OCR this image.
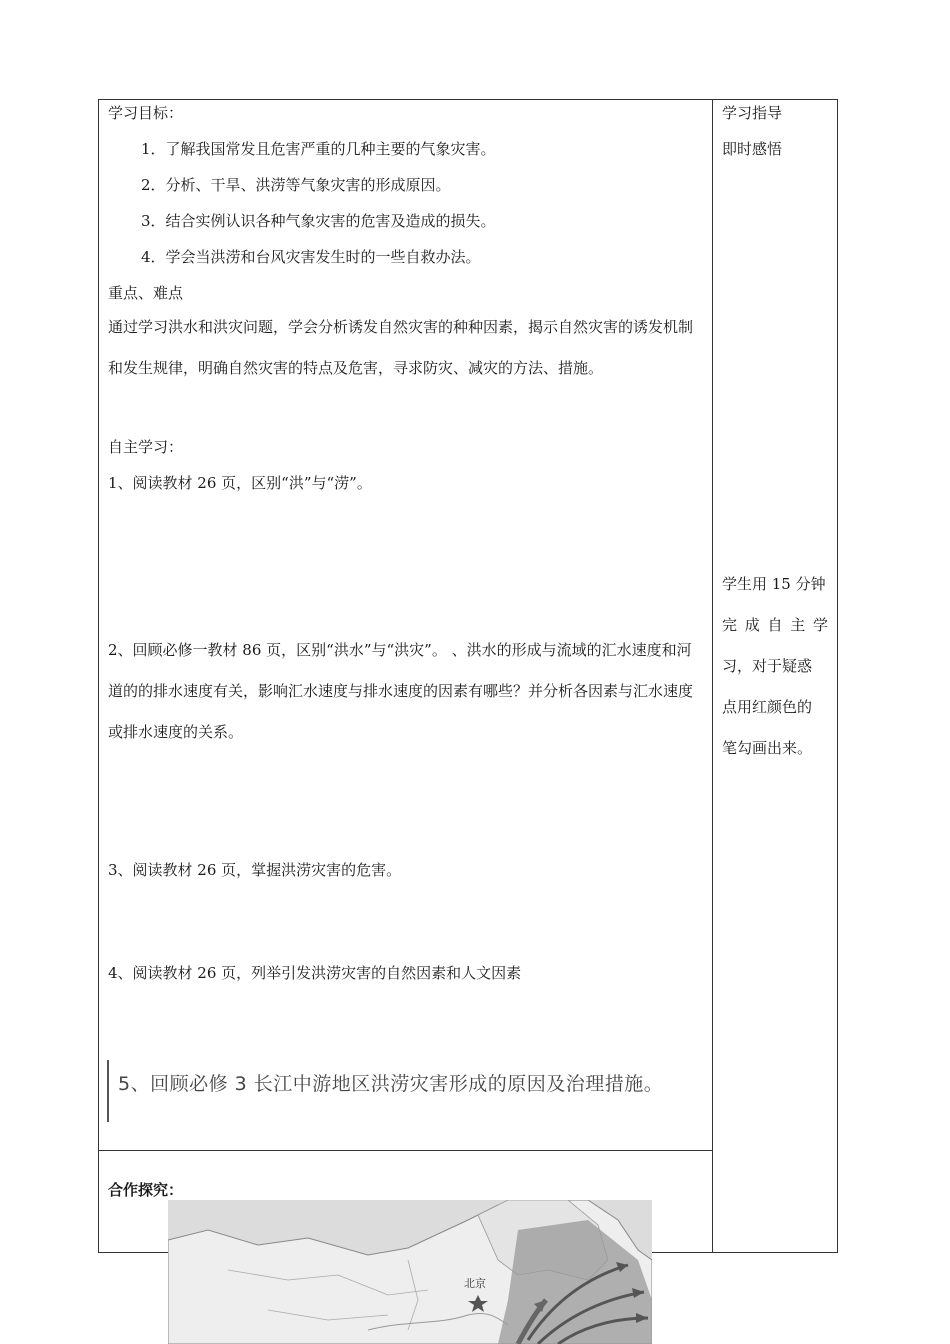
学习目标：
1．了解我国常发且危害严重的几种主要的气象灾害。
2．分析、干旱、洪涝等气象灾害的形成原因。
3．结合实例认识各种气象灾害的危害及造成的损失。
4．学会当洪涝和台风灾害发生时的一些自救办法。
重点、难点
通过学习洪水和洪灾问题，学会分析诱发自然灾害的种种因素，揭示自然灾害的诱发机制和发生规律，明确自然灾害的特点及危害，寻求防灾、减灾的方法、措施。
自主学习：
1、阅读教材 26 页，区别“洪”与“涝”。
2、回顾必修一教材 86 页，区别“洪水”与“洪灾”。 、洪水的形成与流域的汇水速度和河道的的排水速度有关，影响汇水速度与排水速度的因素有哪些？并分析各因素与汇水速度或排水速度的关系。
3、阅读教材 26 页，掌握洪涝灾害的危害。
4、阅读教材 26 页，列举引发洪涝灾害的自然因素和人文因素
5、回顾必修 3 长江中游地区洪涝灾害形成的原因及治理措施。
合作探究：
学习指导
即时感悟
学生用 15 分钟
完 成 自 主 学
习，对于疑惑
点用红颜色的
笔勾画出来。
北京
